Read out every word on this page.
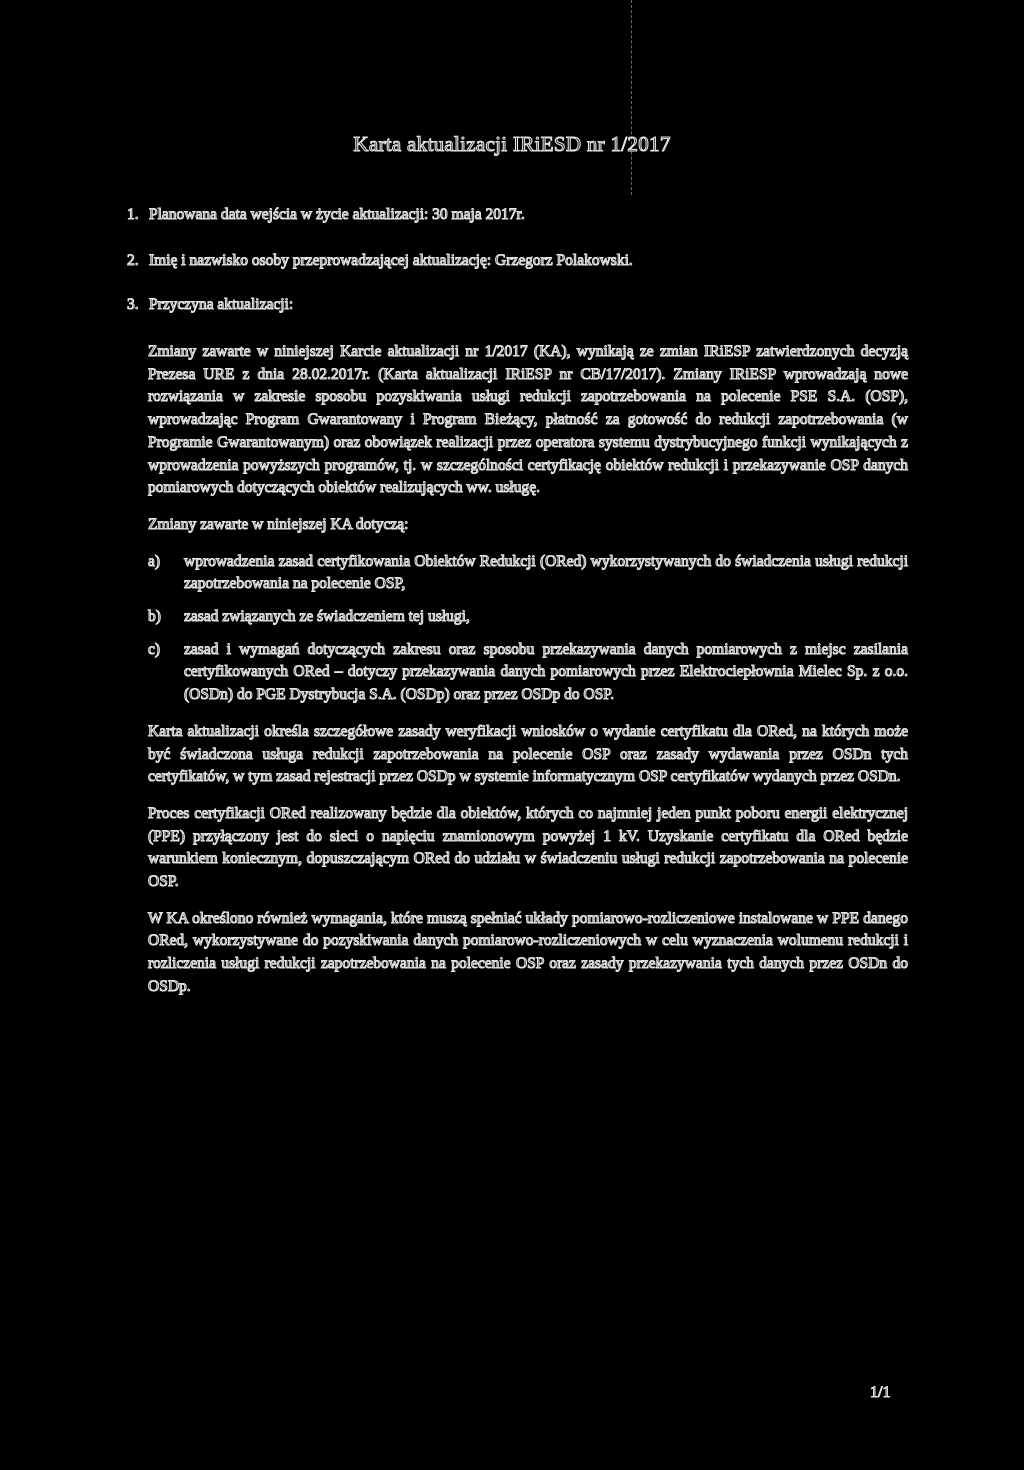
Karta aktualizacji IRiESD nr 1/2017
1. Planowana data wejścia w życie aktualizacji: 30 maja 2017r.
2. Imię i nazwisko osoby przeprowadzającej aktualizację: Grzegorz Polakowski.
3. Przyczyna aktualizacji:

Zmiany zawarte w niniejszej Karcie aktualizacji nr 1/2017 (KA), wynikają ze zmian IRiESP zatwierdzonych decyzją Prezesa URE z dnia 28.02.2017r. (Karta aktualizacji IRiESP nr CB/17/2017). Zmiany IRiESP wprowadzają nowe rozwiązania w zakresie sposobu pozyskiwania usługi redukcji zapotrzebowania na polecenie PSE S.A. (OSP), wprowadzając Program Gwarantowany i Program Bieżący, płatność za gotowość do redukcji zapotrzebowania (w Programie Gwarantowanym) oraz obowiązek realizacji przez operatora systemu dystrybucyjnego funkcji wynikających z wprowadzenia powyższych programów, tj. w szczególności certyfikację obiektów redukcji i przekazywanie OSP danych pomiarowych dotyczących obiektów realizujących ww. usługę.

Zmiany zawarte w niniejszej KA dotyczą:

a)	wprowadzenia zasad certyfikowania Obiektów Redukcji (ORed) wykorzystywanych do świadczenia usługi redukcji zapotrzebowania na polecenie OSP,
b)	zasad związanych ze świadczeniem tej usługi,
c)	zasad i wymagań dotyczących zakresu oraz sposobu przekazywania danych pomiarowych z miejsc zasilania certyfikowanych ORed – dotyczy przekazywania danych pomiarowych przez Elektrociepłownia Mielec Sp. z o.o. (OSDn) do PGE Dystrybucja S.A. (OSDp) oraz przez OSDp do OSP.

Karta aktualizacji określa szczegółowe zasady weryfikacji wniosków o wydanie certyfikatu dla ORed, na których może być świadczona usługa redukcji zapotrzebowania na polecenie OSP oraz zasady wydawania przez OSDn tych certyfikatów, w tym zasad rejestracji przez OSDp w systemie informatycznym OSP certyfikatów wydanych przez OSDn.

Proces certyfikacji ORed realizowany będzie dla obiektów, których co najmniej jeden punkt poboru energii elektrycznej (PPE) przyłączony jest do sieci o napięciu znamionowym powyżej 1 kV. Uzyskanie certyfikatu dla ORed będzie warunkiem koniecznym, dopuszczającym ORed do udziału w świadczeniu usługi redukcji zapotrzebowania na polecenie OSP.

W KA określono również wymagania, które muszą spełniać układy pomiarowo-rozliczeniowe instalowane w PPE danego ORed, wykorzystywane do pozyskiwania danych pomiarowo-rozliczeniowych w celu wyznaczenia wolumenu redukcji i rozliczenia usługi redukcji zapotrzebowania na polecenie OSP oraz zasady przekazywania tych danych przez OSDn do OSDp.

1/1
